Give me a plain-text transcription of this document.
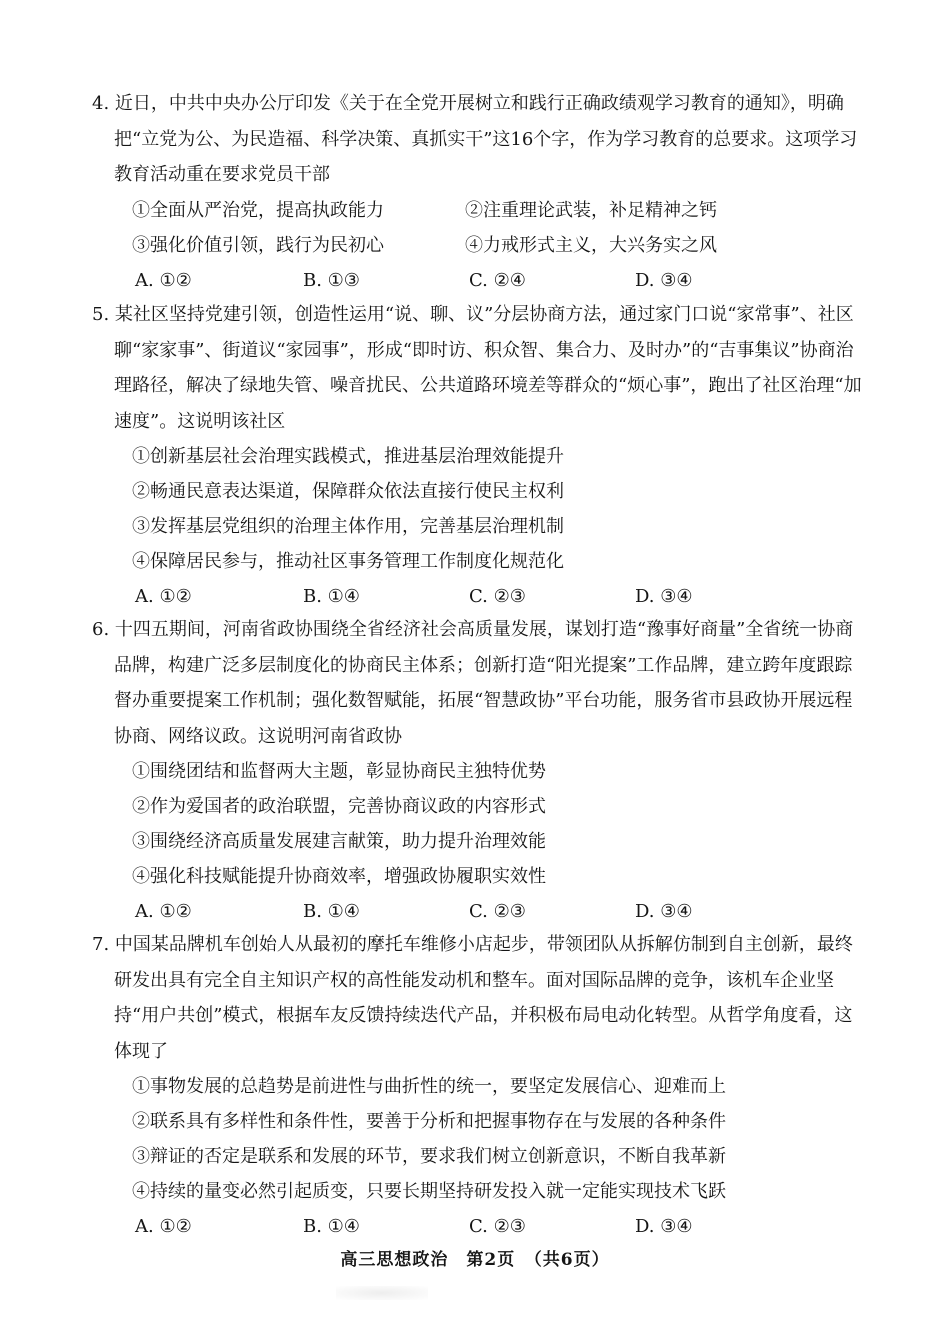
4. 近日，中共中央办公厅印发《关于在全党开展树立和践行正确政绩观学习教育的通知》，明确把“立党为公、为民造福、科学决策、真抓实干”这16个字，作为学习教育的总要求。这项学习教育活动重在要求党员干部

①全面从严治党，提高执政能力	②注重理论武装，补足精神之钙
③强化价值引领，践行为民初心	④力戒形式主义，大兴务实之风
A. ①②	B. ①③	C. ②④	D. ③④

5. 某社区坚持党建引领，创造性运用“说、聊、议”分层协商方法，通过家门口说“家常事”、社区聊“家家事”、街道议“家园事”，形成“即时访、积众智、集合力、及时办”的“吉事集议”协商治理路径，解决了绿地失管、噪音扰民、公共道路环境差等群众的“烦心事”，跑出了社区治理“加速度”。这说明该社区

①创新基层社会治理实践模式，推进基层治理效能提升
②畅通民意表达渠道，保障群众依法直接行使民主权利
③发挥基层党组织的治理主体作用，完善基层治理机制
④保障居民参与，推动社区事务管理工作制度化规范化
A. ①②	B. ①④	C. ②③	D. ③④

6. 十四五期间，河南省政协围绕全省经济社会高质量发展，谋划打造“豫事好商量”全省统一协商品牌，构建广泛多层制度化的协商民主体系；创新打造“阳光提案”工作品牌，建立跨年度跟踪督办重要提案工作机制；强化数智赋能，拓展“智慧政协”平台功能，服务省市县政协开展远程协商、网络议政。这说明河南省政协

①围绕团结和监督两大主题，彰显协商民主独特优势
②作为爱国者的政治联盟，完善协商议政的内容形式
③围绕经济高质量发展建言献策，助力提升治理效能
④强化科技赋能提升协商效率，增强政协履职实效性
A. ①②	B. ①④	C. ②③	D. ③④

7. 中国某品牌机车创始人从最初的摩托车维修小店起步，带领团队从拆解仿制到自主创新，最终研发出具有完全自主知识产权的高性能发动机和整车。面对国际品牌的竞争，该机车企业坚持“用户共创”模式，根据车友反馈持续迭代产品，并积极布局电动化转型。从哲学角度看，这体现了

①事物发展的总趋势是前进性与曲折性的统一，要坚定发展信心、迎难而上
②联系具有多样性和条件性，要善于分析和把握事物存在与发展的各种条件
③辩证的否定是联系和发展的环节，要求我们树立创新意识，不断自我革新
④持续的量变必然引起质变，只要长期坚持研发投入就一定能实现技术飞跃
A. ①②	B. ①④	C. ②③	D. ③④
高三思想政治　第2页　（共6页）
